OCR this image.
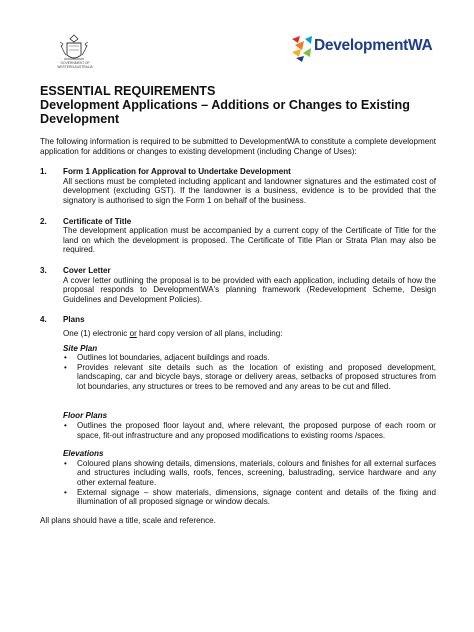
GOVERNMENT OF
WESTERN AUSTRALIA
DevelopmentWA
ESSENTIAL REQUIREMENTS
Development Applications – Additions or Changes to Existing Development

The following information is required to be submitted to DevelopmentWA to constitute a complete development application for additions or changes to existing development (including Change of Uses):

1. Form 1 Application for Approval to Undertake Development

All sections must be completed including applicant and landowner signatures and the estimated cost of development (excluding GST). If the landowner is a business, evidence is to be provided that the signatory is authorised to sign the Form 1 on behalf of the business.

2. Certificate of Title

The development application must be accompanied by a current copy of the Certificate of Title for the land on which the development is proposed. The Certificate of Title Plan or Strata Plan may also be required.

3. Cover Letter

A cover letter outlining the proposal is to be provided with each application, including details of how the proposal responds to DevelopmentWA's planning framework (Redevelopment Scheme, Design Guidelines and Development Policies).

4. Plans

One (1) electronic or hard copy version of all plans, including:

Site Plan
• Outlines lot boundaries, adjacent buildings and roads.
• Provides relevant site details such as the location of existing and proposed development, landscaping, car and bicycle bays, storage or delivery areas, setbacks of proposed structures from lot boundaries, any structures or trees to be removed and any areas to be cut and filled.
Floor Plans
• Outlines the proposed floor layout and, where relevant, the proposed purpose of each room or space, fit-out infrastructure and any proposed modifications to existing rooms /spaces.
Elevations
• Coloured plans showing details, dimensions, materials, colours and finishes for all external surfaces and structures including walls, roofs, fences, screening, balustrading, service hardware and any other external feature.
• External signage – show materials, dimensions, signage content and details of the fixing and illumination of all proposed signage or window decals.

All plans should have a title, scale and reference.
